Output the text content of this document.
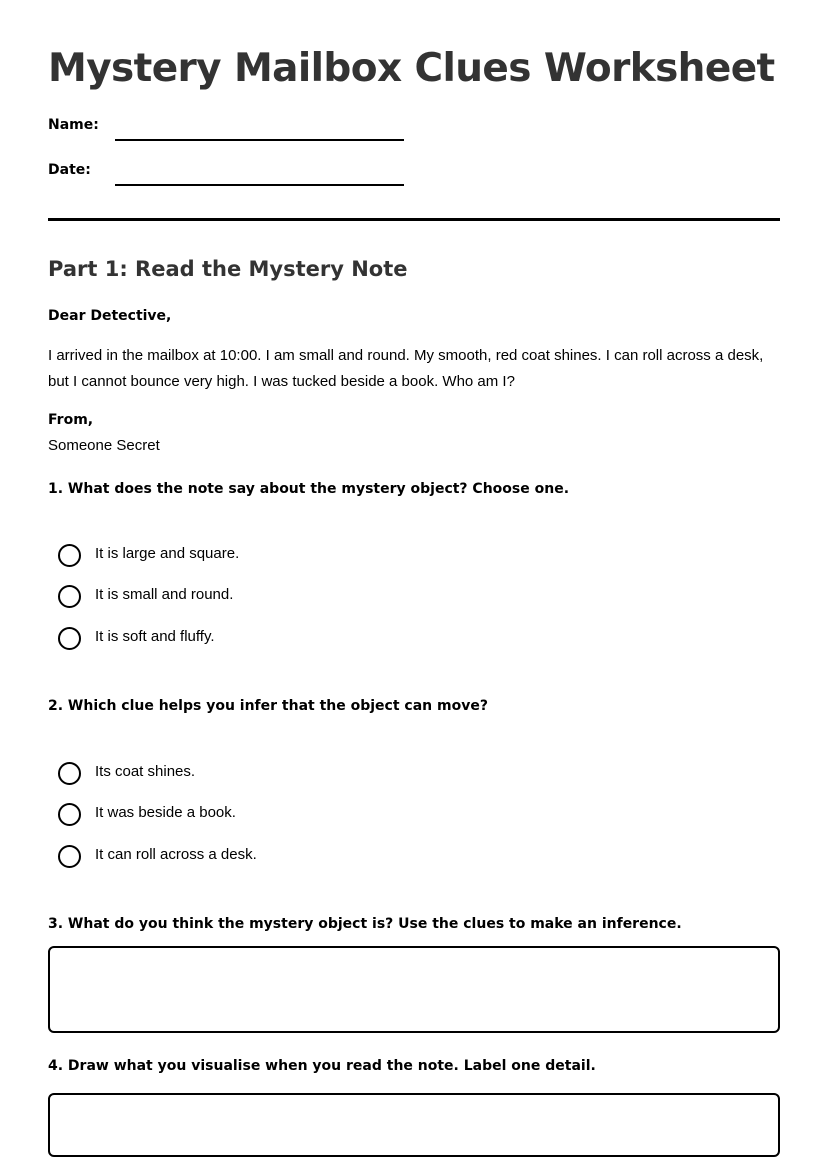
Mystery Mailbox Clues Worksheet
Name:
Date:
Part 1: Read the Mystery Note
Dear Detective,
I arrived in the mailbox at 10:00. I am small and round. My smooth, red coat shines. I can roll across a desk, but I cannot bounce very high. I was tucked beside a book. Who am I?
From,
Someone Secret
1. What does the note say about the mystery object? Choose one.
It is large and square.
It is small and round.
It is soft and fluffy.
2. Which clue helps you infer that the object can move?
Its coat shines.
It was beside a book.
It can roll across a desk.
3. What do you think the mystery object is? Use the clues to make an inference.
4. Draw what you visualise when you read the note. Label one detail.
